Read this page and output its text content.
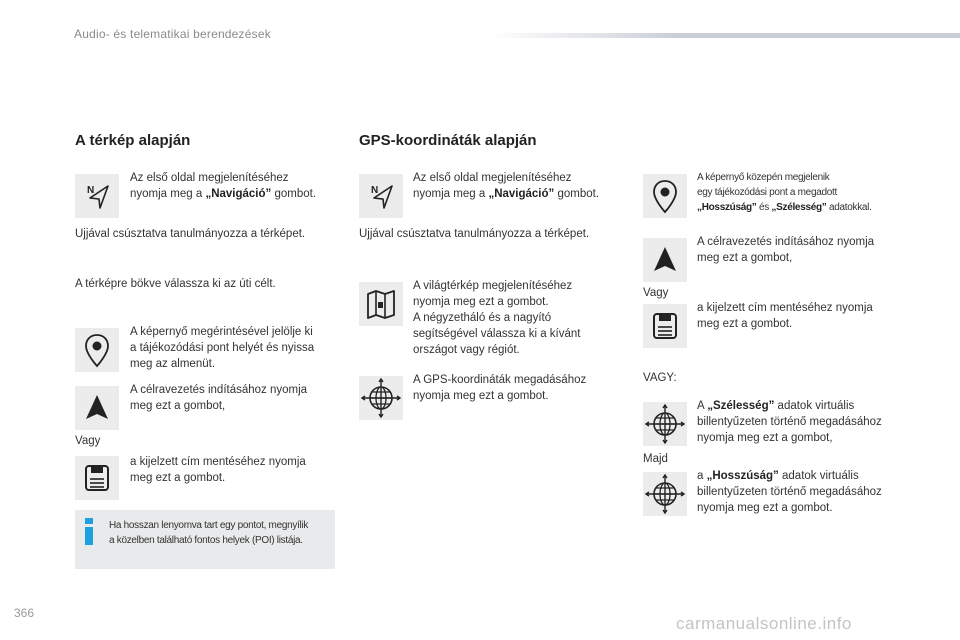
Audio- és telematikai berendezések
A térkép alapján
N
Az első oldal megjelenítéséhez
nyomja meg a „Navigáció” gombot.
Ujjával csúsztatva tanulmányozza a térképet.
A térképre bökve válassza ki az úti célt.
A képernyő megérintésével jelölje ki
a tájékozódási pont helyét és nyissa
meg az almenüt.
A célravezetés indításához nyomja
meg ezt a gombot,
Vagy
a kijelzett cím mentéséhez nyomja
meg ezt a gombot.
Ha hosszan lenyomva tart egy pontot, megnyílik
a közelben található fontos helyek (POI) listája.
GPS-koordináták alapján
N
Az első oldal megjelenítéséhez
nyomja meg a „Navigáció” gombot.
Ujjával csúsztatva tanulmányozza a térképet.
A világtérkép megjelenítéséhez
nyomja meg ezt a gombot.
A négyzetháló és a nagyító
segítségével válassza ki a kívánt
országot vagy régiót.
A GPS-koordináták megadásához
nyomja meg ezt a gombot.
A képernyő közepén megjelenik
egy tájékozódási pont a megadott
„Hosszúság” és „Szélesség” adatokkal.
A célravezetés indításához nyomja
meg ezt a gombot,
Vagy
a kijelzett cím mentéséhez nyomja
meg ezt a gombot.
VAGY:
A „Szélesség” adatok virtuális
billentyűzeten történő megadásához
nyomja meg ezt a gombot,
Majd
a „Hosszúság” adatok virtuális
billentyűzeten történő megadásához
nyomja meg ezt a gombot.
366
carmanualsonline.info
